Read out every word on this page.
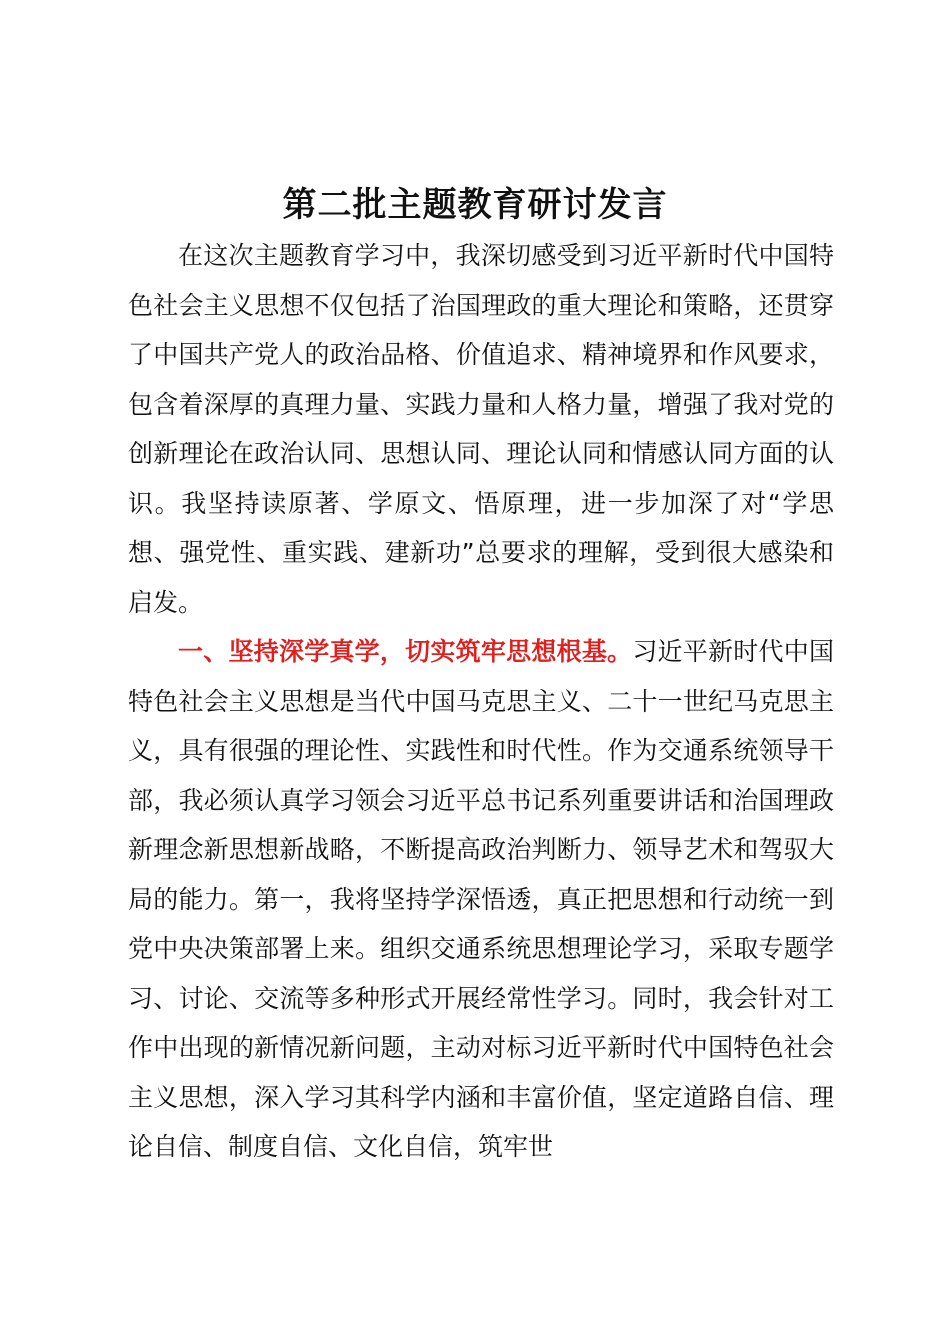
第二批主题教育研讨发言
在这次主题教育学习中，我深切感受到习近平新时代中国特色社会主义思想不仅包括了治国理政的重大理论和策略，还贯穿了中国共产党人的政治品格、价值追求、精神境界和作风要求，包含着深厚的真理力量、实践力量和人格力量，增强了我对党的创新理论在政治认同、思想认同、理论认同和情感认同方面的认识。我坚持读原著、学原文、悟原理，进一步加深了对“学思想、强党性、重实践、建新功”总要求的理解，受到很大感染和启发。
一、坚持深学真学，切实筑牢思想根基。习近平新时代中国特色社会主义思想是当代中国马克思主义、二十一世纪马克思主义，具有很强的理论性、实践性和时代性。作为交通系统领导干部，我必须认真学习领会习近平总书记系列重要讲话和治国理政新理念新思想新战略，不断提高政治判断力、领导艺术和驾驭大局的能力。第一，我将坚持学深悟透，真正把思想和行动统一到党中央决策部署上来。组织交通系统思想理论学习，采取专题学习、讨论、交流等多种形式开展经常性学习。同时，我会针对工作中出现的新情况新问题，主动对标习近平新时代中国特色社会主义思想，深入学习其科学内涵和丰富价值，坚定道路自信、理论自信、制度自信、文化自信，筑牢世
